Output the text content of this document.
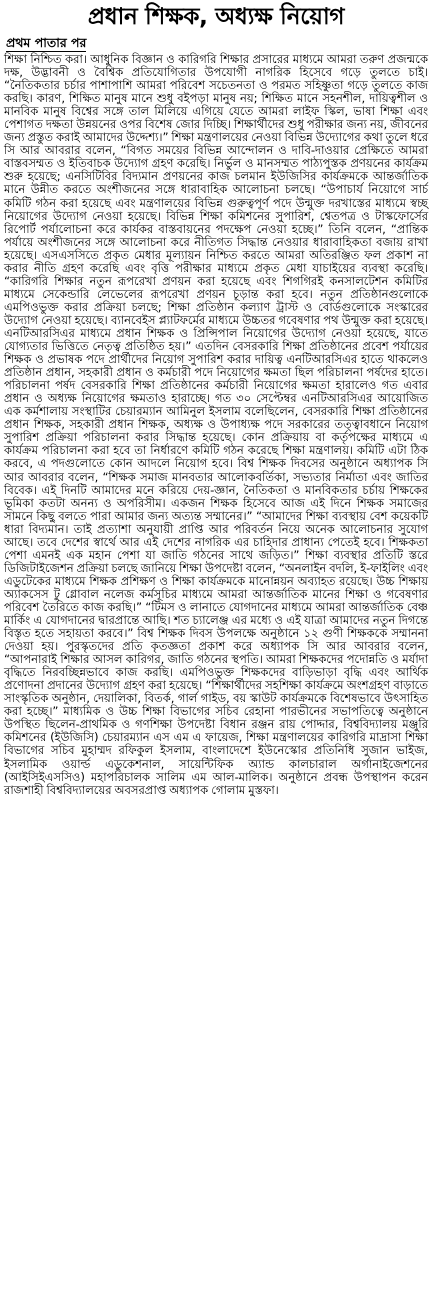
প্রধান শিক্ষক, অধ্যক্ষ নিয়োগ
প্রথম পাতার পর

শিক্ষা নিশ্চিত করা। আধুনিক বিজ্ঞান ও কারিগরি শিক্ষার প্রসারের মাধ্যমে আমরা তরুণ প্রজন্মকে দক্ষ, উদ্ভাবনী ও বৈশ্বিক প্রতিযোগিতার উপযোগী নাগরিক হিসেবে গড়ে তুলতে চাই। “নৈতিকতার চর্চার পাশাপাশি আমরা পরিবেশ সচেতনতা ও পরমত সহিষ্ণুতা গড়ে তুলতে কাজ করছি। কারণ, শিক্ষিত মানুষ মানে শুধু বইপড়া মানুষ নয়; শিক্ষিত মানে সহনশীল, দায়িত্বশীল ও মানবিক মানুষ বিশ্বের সঙ্গে তাল মিলিয়ে এগিয়ে যেতে আমরা লাইফ স্কিল, ভাষা শিক্ষা এবং পেশাগত দক্ষতা উন্নয়নের ওপর বিশেষ জোর দিচ্ছি। শিক্ষার্থীদের শুধু পরীক্ষার জন্য নয়, জীবনের জন্য প্রস্তুত করাই আমাদের উদ্দেশ্য।” শিক্ষা মন্ত্রণালয়ের নেওয়া বিভিন্ন উদ্যোগের কথা তুলে ধরে সি আর আবরার বলেন, “বিগত সময়ের বিভিন্ন আন্দোলন ও দাবি-দাওয়ার প্রেক্ষিতে আমরা বাস্তবসম্মত ও ইতিবাচক উদ্যোগ গ্রহণ করেছি। নির্ভুল ও মানসম্মত পাঠ্যপুস্তক প্রণয়নের কার্যক্রম শুরু হয়েছে; এনসিটিবির বিদ্যমান প্রণয়নের কাজ চলমান ইউজিসির কার্যক্রমকে আন্তর্জাতিক মানে উন্নীত করতে অংশীজনের সঙ্গে ধারাবাহিক আলোচনা চলছে। “উপাচার্য নিয়োগে সার্চ কমিটি গঠন করা হয়েছে এবং মন্ত্রণালয়ের বিভিন্ন গুরুত্বপূর্ণ পদে উন্মুক্ত দরখাস্তের মাধ্যমে স্বচ্ছ নিয়োগের উদ্যোগ নেওয়া হয়েছে। বিভিন্ন শিক্ষা কমিশনের সুপারিশ, শ্বেতপত্র ও টাস্কফোর্সের রিপোর্ট পর্যালোচনা করে কার্যকর বাস্তবায়নের পদক্ষেপ নেওয়া হচ্ছে।” তিনি বলেন, “প্রান্তিক পর্যায়ে অংশীজনের সঙ্গে আলোচনা করে নীতিগত সিদ্ধান্ত নেওয়ার ধারাবাহিকতা বজায় রাখা হয়েছে। এসএসসিতে প্রকৃত মেধার মূল্যায়ন নিশ্চিত করতে আমরা অতিরঞ্জিত ফল প্রকাশ না করার নীতি গ্রহণ করেছি এবং বৃত্তি পরীক্ষার মাধ্যমে প্রকৃত মেধা যাচাইয়ের ব্যবস্থা করেছি। “কারিগরি শিক্ষার নতুন রূপরেখা প্রণয়ন করা হয়েছে এবং শিগগিরই কনসালটেশন কমিটির মাধ্যমে সেকেন্ডারি লেভেলের রূপরেখা প্রণয়ন চূড়ান্ত করা হবে। নতুন প্রতিষ্ঠানগুলোকে এমপিওভুক্ত করার প্রক্রিয়া চলছে; শিক্ষা প্রতিষ্ঠান কল্যাণ ট্রাস্ট ও বোর্ডগুলোকে সংস্কারের উদ্যোগ নেওয়া হয়েছে। ব্যানবেইস প্ল্যাটফর্মের মাধ্যমে উচ্চতর গবেষণার পথ উন্মুক্ত করা হয়েছে। এনটিআরসিএর মাধ্যমে প্রধান শিক্ষক ও প্রিন্সিপাল নিয়োগের উদ্যোগ নেওয়া হয়েছে, যাতে যোগ্যতার ভিত্তিতে নেতৃত্ব প্রতিষ্ঠিত হয়।” এতদিন বেসরকারি শিক্ষা প্রতিষ্ঠানের প্রবেশ পর্যায়ের শিক্ষক ও প্রভাষক পদে প্রার্থীদের নিয়োগ সুপারিশ করার দায়িত্ব এনটিআরসিএর হাতে থাকলেও প্রতিষ্ঠান প্রধান, সহকারী প্রধান ও কর্মচারী পদে নিয়োগের ক্ষমতা ছিল পরিচালনা পর্ষদের হাতে। পরিচালনা পর্ষদ বেসরকারি শিক্ষা প্রতিষ্ঠানের কর্মচারী নিয়োগের ক্ষমতা হারালেও গত এবার প্রধান ও অধ্যক্ষ নিয়োগের ক্ষমতাও হারাচ্ছে। গত ৩০ সেপ্টেম্বর এনটিআরসিএর আয়োজিত এক কর্মশালায় সংস্থাটির চেয়ারম্যান আমিনুল ইসলাম বলেছিলেন, বেসরকারি শিক্ষা প্রতিষ্ঠানের প্রধান শিক্ষক, সহকারী প্রধান শিক্ষক, অধ্যক্ষ ও উপাধ্যক্ষ পদে সরকারের তত্ত্বাবধানে নিয়োগ সুপারিশ প্রক্রিয়া পরিচালনা করার সিদ্ধান্ত হয়েছে। কোন প্রক্রিয়ায় বা কর্তৃপক্ষের মাধ্যমে এ কার্যক্রম পরিচালনা করা হবে তা নির্ধারণে কমিটি গঠন করেছে শিক্ষা মন্ত্রণালয়। কমিটি এটা ঠিক করবে, এ পদগুলোতে কোন আদলে নিয়োগ হবে। বিশ্ব শিক্ষক দিবসের অনুষ্ঠানে অধ্যাপক সি আর আবরার বলেন, “শিক্ষক সমাজ মানবতার আলোকবর্তিকা, সভ্যতার নির্মাতা এবং জাতির বিবেক। এই দিনটি আমাদের মনে করিয়ে দেয়-জ্ঞান, নৈতিকতা ও মানবিকতার চর্চায় শিক্ষকের ভূমিকা কতটা অনন্য ও অপরিসীম। একজন শিক্ষক হিসেবে আজ এই দিনে শিক্ষক সমাজের সামনে কিছু বলতে পারা আমার জন্য অত্যন্ত সম্মানের।” “আমাদের শিক্ষা ব্যবস্থায় বেশ কয়েকটি ধারা বিদ্যমান। তাই প্রত্যাশা অনুযায়ী প্রাপ্তি আর পরিবর্তন নিয়ে অনেক আলোচনার সুযোগ আছে। তবে দেশের স্বার্থে আর এই দেশের নাগরিক এর চাহিদার প্রাধান্য পেতেই হবে। শিক্ষকতা পেশা এমনই এক মহান পেশা যা জাতি গঠনের সাথে জড়িত।” শিক্ষা ব্যবস্থার প্রতিটি স্তরে ডিজিটাইজেশন প্রক্রিয়া চলছে জানিয়ে শিক্ষা উপদেষ্টা বলেন, “অনলাইন বদলি, ই-ফাইলিং এবং এডুটেকের মাধ্যমে শিক্ষক প্রশিক্ষণ ও শিক্ষা কার্যক্রমকে মানোন্নয়ন অব্যাহত রয়েছে। উচ্চ শিক্ষায় অ্যাকসেস টু গ্লোবাল নলেজ কর্মসূচির মাধ্যমে আমরা আন্তর্জাতিক মানের শিক্ষা ও গবেষণার পরিবেশ তৈরিতে কাজ করছি।” “টিমস ও লানাতে যোগদানের মাধ্যমে আমরা আন্তর্জাতিক বেঞ্চ মার্কিং এ যোগদানের দ্বারপ্রান্তে আছি। শত চ্যালেঞ্জ এর মধ্যে ও এই যাত্রা আমাদের নতুন দিগন্তে বিস্তৃত হতে সহায়তা করবে।” বিশ্ব শিক্ষক দিবস উপলক্ষে অনুষ্ঠানে ১২ গুণী শিক্ষককে সম্মাননা দেওয়া হয়। পুরস্কৃতদের প্রতি কৃতজ্ঞতা প্রকাশ করে অধ্যাপক সি আর আবরার বলেন, “আপনারাই শিক্ষার আসল কারিগর, জাতি গঠনের স্থপতি। আমরা শিক্ষকদের পদোন্নতি ও মর্যাদা বৃদ্ধিতে নিরবচ্ছিন্নভাবে কাজ করছি। এমপিওভুক্ত শিক্ষকদের বাড়িভাড়া বৃদ্ধি এবং আর্থিক প্রণোদনা প্রদানের উদ্যোগ গ্রহণ করা হয়েছে। “শিক্ষার্থীদের সহশিক্ষা কার্যক্রমে অংশগ্রহণ বাড়াতে সাংস্কৃতিক অনুষ্ঠান, দেয়ালিকা, বিতর্ক, গার্ল গাইড, বয় স্কাউট কার্যক্রমকে বিশেষভাবে উৎসাহিত করা হচ্ছে।” মাধ্যমিক ও উচ্চ শিক্ষা বিভাগের সচিব রেহানা পারভীনের সভাপতিত্বে অনুষ্ঠানে উপস্থিত ছিলেন-প্রাথমিক ও গণশিক্ষা উপদেষ্টা বিধান রঞ্জন রায় পোদ্দার, বিশ্ববিদ্যালয় মঞ্জুরি কমিশনের (ইউজিসি) চেয়ারম্যান এস এম এ ফায়েজ, শিক্ষা মন্ত্রণালয়ের কারিগরি মাদ্রাসা শিক্ষা বিভাগের সচিব মুহাম্মদ রফিকুল ইসলাম, বাংলাদেশে ইউনেস্কোর প্রতিনিধি সুজান ভাইজ, ইসলামিক ওয়ার্ল্ড এডুকেশনাল, সায়েন্টিফিক অ্যান্ড কালচারাল অর্গানাইজেশনের (আইসিইএসসিও) মহাপরিচালক সালিম এম আল-মালিক। অনুষ্ঠানে প্রবন্ধ উপস্থাপন করেন রাজশাহী বিশ্ববিদ্যালয়ের অবসরপ্রাপ্ত অধ্যাপক গোলাম মুস্তফা।
